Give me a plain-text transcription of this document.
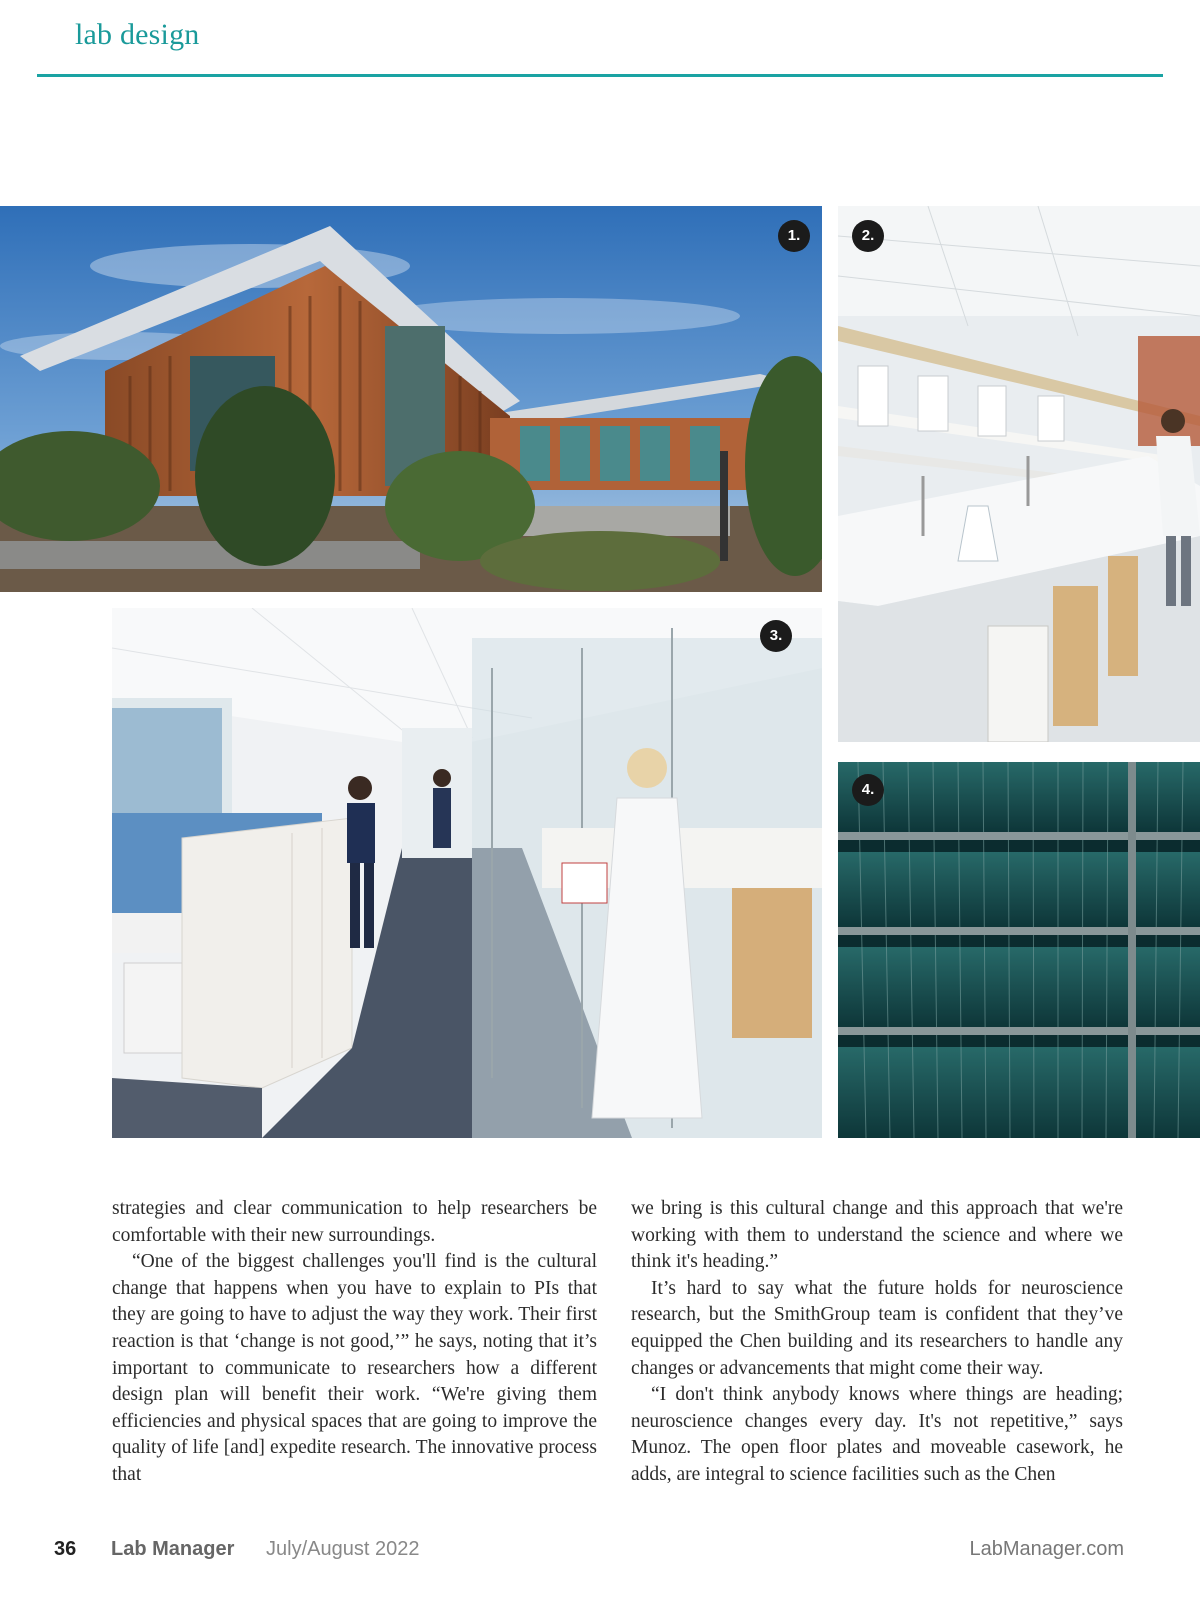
lab design
1.	2.
3.
4.

strategies and clear communication to help researchers be comfortable with their new surroundings.

“One of the biggest challenges you'll find is the cultural change that happens when you have to explain to PIs that they are going to have to adjust the way they work. Their first reaction is that ‘change is not good,’” he says, noting that it’s important to communicate to researchers how a different design plan will benefit their work. “We're giving them efficiencies and physical spaces that are going to improve the quality of life [and] expedite research. The innovative process that

we bring is this cultural change and this approach that we're working with them to understand the science and where we think it's heading.”

It’s hard to say what the future holds for neuroscience research, but the SmithGroup team is confident that they’ve equipped the Chen building and its researchers to handle any changes or advancements that might come their way.

“I don't think anybody knows where things are heading; neuroscience changes every day. It's not repetitive,” says Munoz. The open floor plates and moveable casework, he adds, are integral to science facilities such as the Chen

36 Lab Manager July/August 2022	LabManager.com
